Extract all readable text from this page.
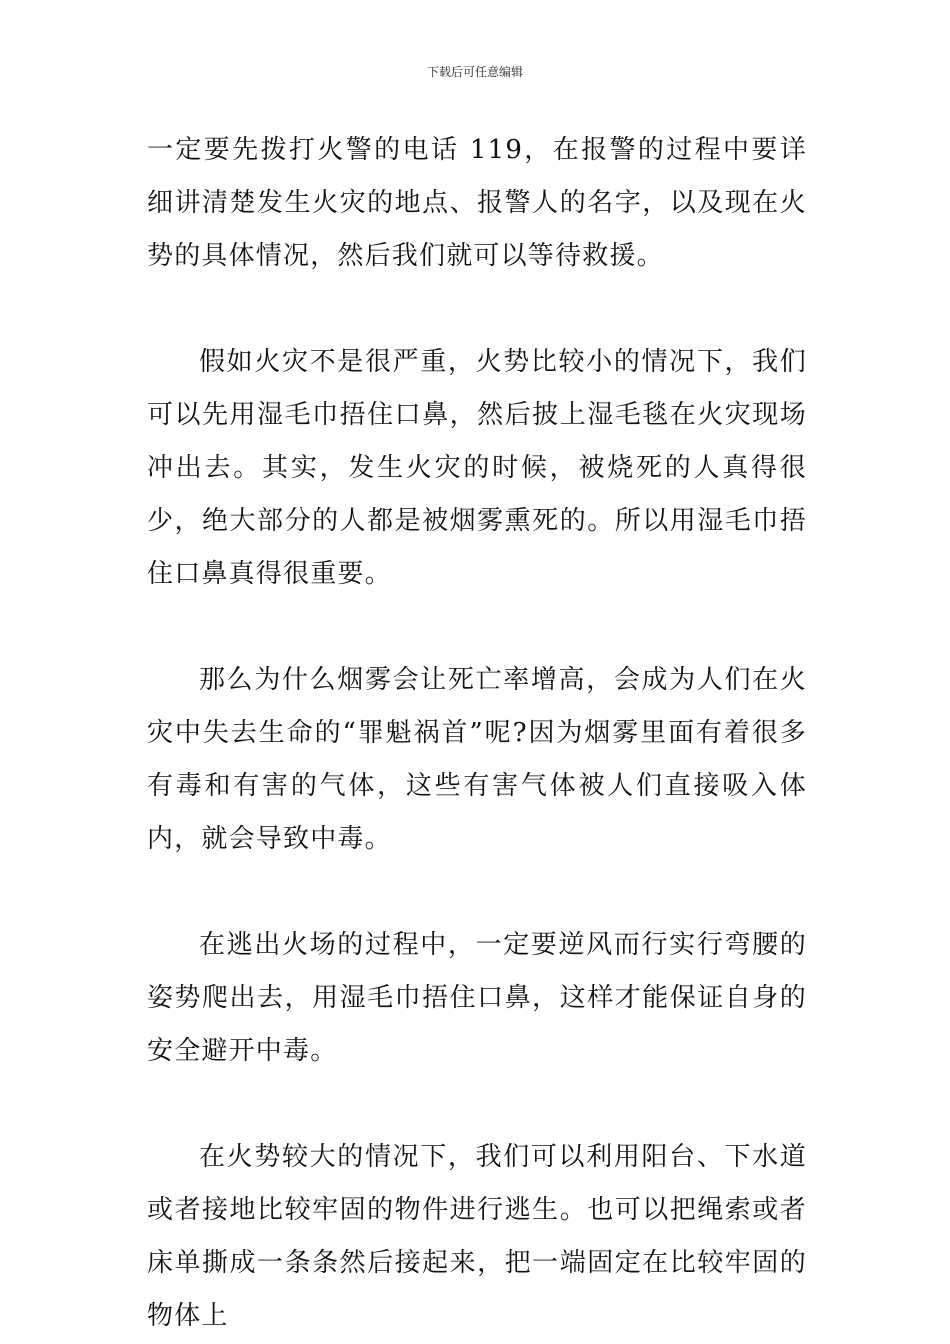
下载后可任意编辑

一定要先拨打火警的电话 119，在报警的过程中要详细讲清楚发生火灾的地点、报警人的名字，以及现在火势的具体情况，然后我们就可以等待救援。

假如火灾不是很严重，火势比较小的情况下，我们可以先用湿毛巾捂住口鼻，然后披上湿毛毯在火灾现场冲出去。其实，发生火灾的时候，被烧死的人真得很少，绝大部分的人都是被烟雾熏死的。所以用湿毛巾捂住口鼻真得很重要。

那么为什么烟雾会让死亡率增高，会成为人们在火灾中失去生命的“罪魁祸首”呢?因为烟雾里面有着很多有毒和有害的气体，这些有害气体被人们直接吸入体内，就会导致中毒。

在逃出火场的过程中，一定要逆风而行实行弯腰的姿势爬出去，用湿毛巾捂住口鼻，这样才能保证自身的安全避开中毒。

在火势较大的情况下，我们可以利用阳台、下水道或者接地比较牢固的物件进行逃生。也可以把绳索或者床单撕成一条条然后接起来，把一端固定在比较牢固的物体上
